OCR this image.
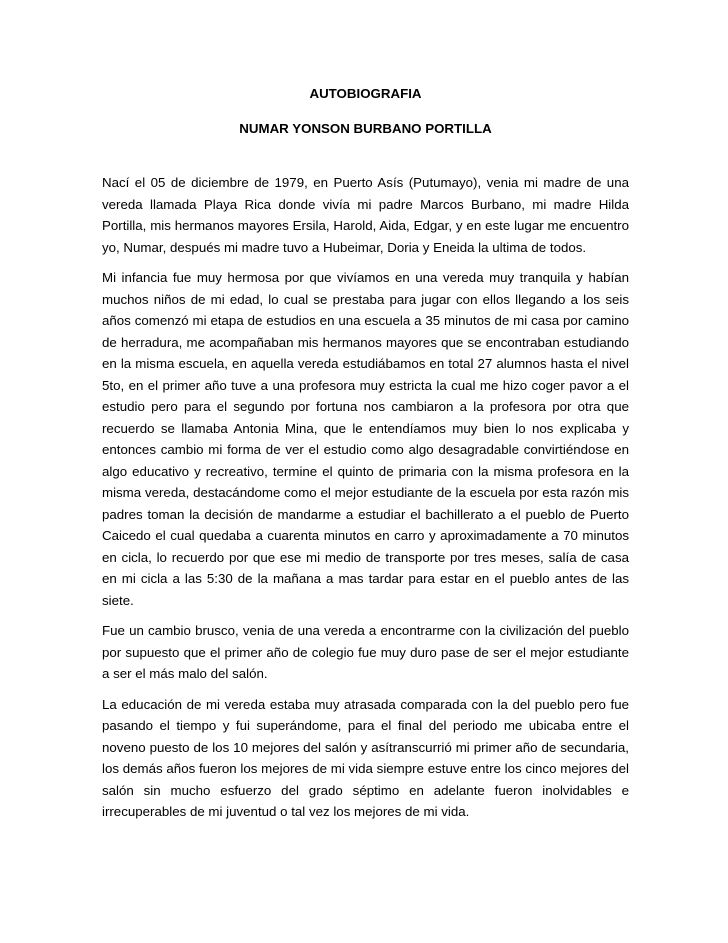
AUTOBIOGRAFIA

NUMAR YONSON BURBANO PORTILLA

Nací el 05 de diciembre de 1979, en Puerto Asís (Putumayo), venia mi madre de una vereda llamada Playa Rica donde vivía mi padre Marcos Burbano, mi madre Hilda Portilla, mis hermanos mayores Ersila, Harold, Aida, Edgar, y en este lugar me encuentro yo, Numar, después mi madre tuvo a Hubeimar, Doria y Eneida la ultima de todos.

Mi infancia fue muy hermosa por que vivíamos en una vereda muy tranquila y habían muchos niños de mi edad, lo cual se prestaba para jugar con ellos llegando a los seis años comenzó mi etapa de estudios en una escuela a 35 minutos de mi casa por camino de herradura, me acompañaban mis hermanos mayores que se encontraban estudiando en la misma escuela, en aquella vereda estudiábamos en total 27 alumnos hasta el nivel 5to, en el primer año tuve a una profesora muy estricta la cual me hizo coger pavor a el estudio pero para el segundo por fortuna nos cambiaron a la profesora por otra que recuerdo se llamaba Antonia Mina, que le entendíamos muy bien lo nos explicaba y entonces cambio mi forma de ver el estudio como algo desagradable convirtiéndose en algo educativo y recreativo, termine el quinto de primaria con la misma profesora en la misma vereda, destacándome como el mejor estudiante de la escuela por esta razón mis padres toman la decisión de mandarme a estudiar el bachillerato a el pueblo de Puerto Caicedo el cual quedaba a cuarenta minutos en carro y aproximadamente a 70 minutos en cicla, lo recuerdo por que ese mi medio de transporte por tres meses, salía de casa en mi cicla a las 5:30 de la mañana a mas tardar para estar en el pueblo antes de las siete.

Fue un cambio brusco, venia de una vereda a encontrarme con la civilización del pueblo por supuesto que el primer año de colegio fue muy duro pase de ser el mejor estudiante a ser el más malo del salón.

La educación de mi vereda estaba muy atrasada comparada con la del pueblo pero fue pasando el tiempo y fui superándome, para el final del periodo me ubicaba entre el noveno puesto de los 10 mejores del salón y asítranscurrió mi primer año de secundaria, los demás años fueron los mejores de mi vida siempre estuve entre los cinco mejores del salón sin mucho esfuerzo del grado séptimo en adelante fueron inolvidables e irrecuperables de mi juventud o tal vez los mejores de mi vida.
